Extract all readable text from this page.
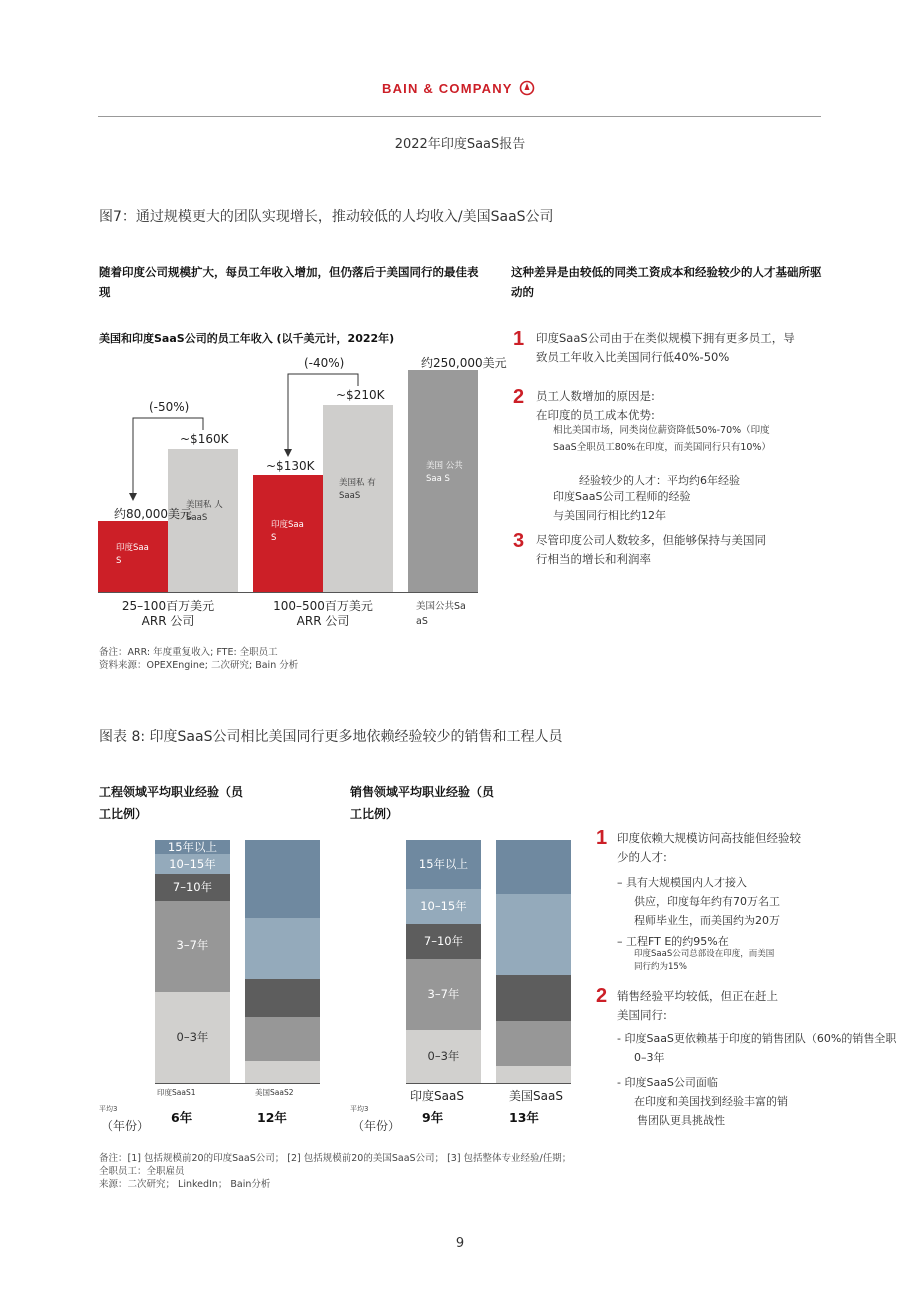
BAIN & COMPANY
2022年印度SaaS报告
图7：通过规模更大的团队实现增长，推动较低的人均收入/美国SaaS公司
随着印度公司规模扩大，每员工年收入增加，但仍落后于美国同行的最佳表现
这种差异是由较低的同类工资成本和经验较少的人才基础所驱动的
美国和印度SaaS公司的员工年收入 (以千美元计，2022年)
印度Saa S
美国私 人SaaS
印度Saa S
美国私 有SaaS
美国 公共Saa S
约80,000美元
~$160K
~$130K
~$210K
约250,000美元
(-50%)
(-40%)
25–100百万美元
ARR 公司
100–500百万美元
ARR 公司
美国公共Sa
aS
备注：ARR: 年度重复收入; FTE: 全职员工
资料来源：OPEXEngine; 二次研究; Bain 分析
1 印度SaaS公司由于在类似规模下拥有更多员工，导
致员工年收入比美国同行低40%-50%
2 员工人数增加的原因是:
在印度的员工成本优势:
相比美国市场，同类岗位薪资降低50%-70%（印度
SaaS全职员工80%在印度，而美国同行只有10%）
经验较少的人才：平均约6年经验
印度SaaS公司工程师的经验
与美国同行相比约12年
3 尽管印度公司人数较多，但能够保持与美国同
行相当的增长和利润率
图表 8: 印度SaaS公司相比美国同行更多地依赖经验较少的销售和工程人员
工程领域平均职业经验（员
工比例）
销售领域平均职业经验（员
工比例）
15年以上
10–15年
7–10年
3–7年
0–3年
印度SaaS1	美国SaaS2
平均3
（年份）
6年	12年
15年以上
10–15年
7–10年
3–7年
0–3年
印度SaaS	美国SaaS
平均3
（年份）
9年	13年
1 印度依赖大规模访问高技能但经验较
少的人才:
– 具有大规模国内人才接入
供应，印度每年约有70万名工
程师毕业生，而美国约为20万
– 工程FT E的约95%在
印度SaaS公司总部设在印度，而美国
同行约为15%
2 销售经验平均较低，但正在赶上
美国同行:
- 印度SaaS更依赖基于印度的销售团队（60%的销售全职
0–3年
- 印度SaaS公司面临
在印度和美国找到经验丰富的销
售团队更具挑战性
备注：[1] 包括规模前20的印度SaaS公司； [2] 包括规模前20的美国SaaS公司； [3] 包括整体专业经验/任期；
全职员工：全职雇员
来源：二次研究； LinkedIn； Bain分析
9
